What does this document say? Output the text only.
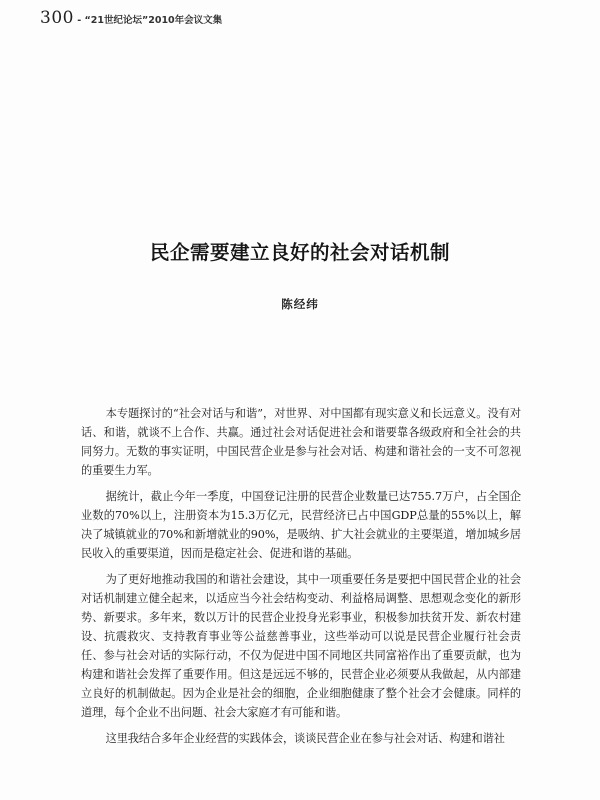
300 - “21世纪论坛”2010年会议文集
民企需要建立良好的社会对话机制
陈经纬

本专题探讨的“社会对话与和谐”，对世界、对中国都有现实意义和长远意义。没有对话、和谐，就谈不上合作、共赢。通过社会对话促进社会和谐要靠各级政府和全社会的共同努力。无数的事实证明，中国民营企业是参与社会对话、构建和谐社会的一支不可忽视的重要生力军。

据统计，截止今年一季度，中国登记注册的民营企业数量已达755.7万户，占全国企业数的70%以上，注册资本为15.3万亿元，民营经济已占中国GDP总量的55%以上，解决了城镇就业的70%和新增就业的90%，是吸纳、扩大社会就业的主要渠道，增加城乡居民收入的重要渠道，因而是稳定社会、促进和谐的基础。

为了更好地推动我国的和谐社会建设，其中一项重要任务是要把中国民营企业的社会对话机制建立健全起来，以适应当今社会结构变动、利益格局调整、思想观念变化的新形势、新要求。多年来，数以万计的民营企业投身光彩事业，积极参加扶贫开发、新农村建设、抗震救灾、支持教育事业等公益慈善事业，这些举动可以说是民营企业履行社会责任、参与社会对话的实际行动，不仅为促进中国不同地区共同富裕作出了重要贡献，也为构建和谐社会发挥了重要作用。但这是远远不够的，民营企业必须要从我做起，从内部建立良好的机制做起。因为企业是社会的细胞，企业细胞健康了整个社会才会健康。同样的道理，每个企业不出问题、社会大家庭才有可能和谐。

这里我结合多年企业经营的实践体会，谈谈民营企业在参与社会对话、构建和谐社
